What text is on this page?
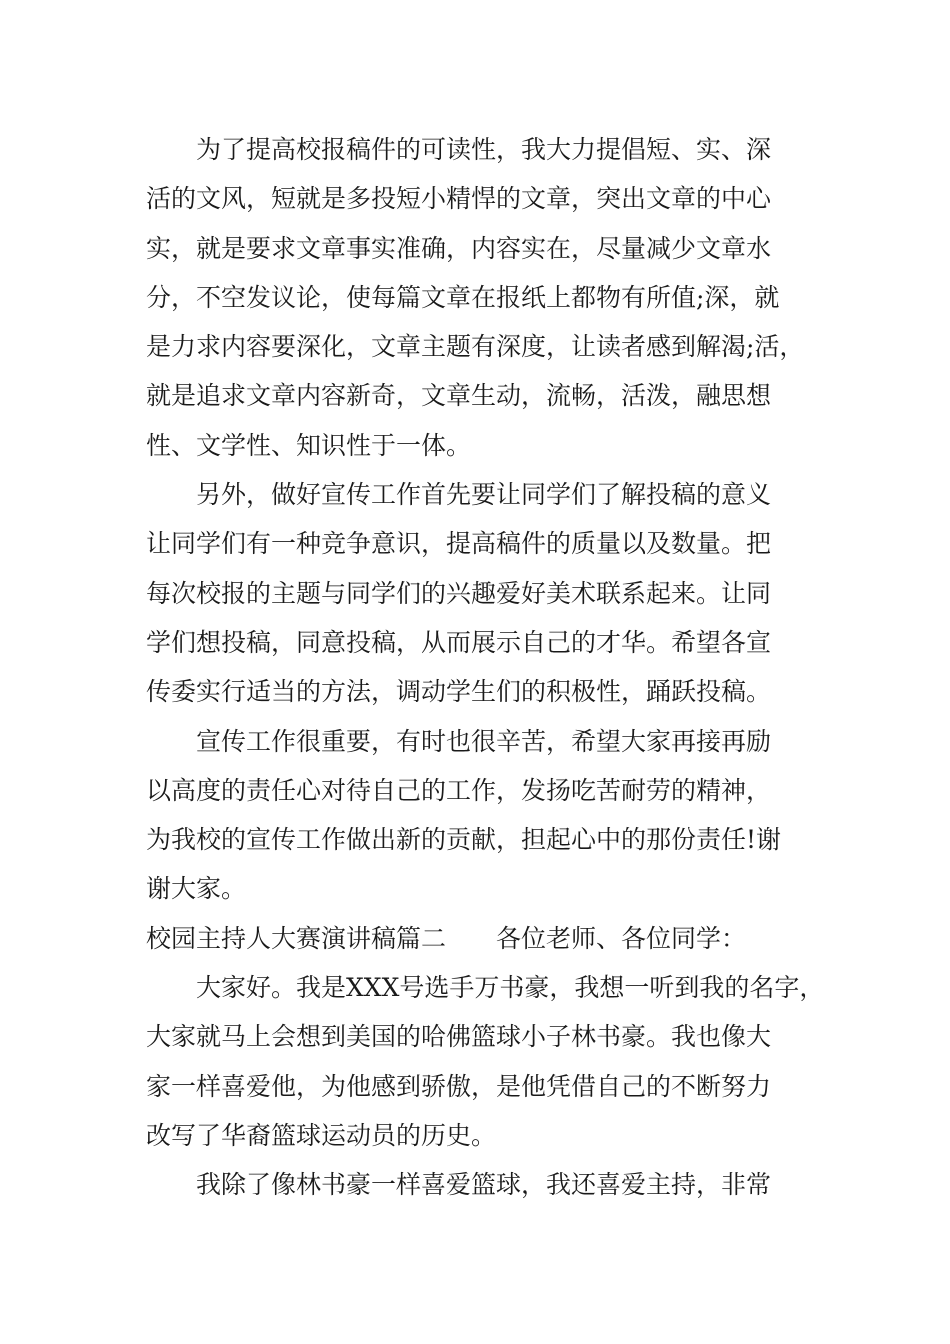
为了提高校报稿件的可读性，我大力提倡短、实、深
活的文风，短就是多投短小精悍的文章，突出文章的中心
实，就是要求文章事实准确，内容实在，尽量减少文章水
分，不空发议论，使每篇文章在报纸上都物有所值;深，就
是力求内容要深化，文章主题有深度，让读者感到解渴;活，
就是追求文章内容新奇，文章生动，流畅，活泼，融思想
性、文学性、知识性于一体。
另外，做好宣传工作首先要让同学们了解投稿的意义
让同学们有一种竞争意识，提高稿件的质量以及数量。把
每次校报的主题与同学们的兴趣爱好美术联系起来。让同
学们想投稿，同意投稿，从而展示自己的才华。希望各宣
传委实行适当的方法，调动学生们的积极性，踊跃投稿。
宣传工作很重要，有时也很辛苦，希望大家再接再励
以高度的责任心对待自己的工作，发扬吃苦耐劳的精神，
为我校的宣传工作做出新的贡献，担起心中的那份责任!谢
谢大家。
校园主持人大赛演讲稿篇二 各位老师、各位同学：
大家好。我是XXX号选手万书豪，我想一听到我的名字，
大家就马上会想到美国的哈佛篮球小子林书豪。我也像大
家一样喜爱他，为他感到骄傲，是他凭借自己的不断努力
改写了华裔篮球运动员的历史。
我除了像林书豪一样喜爱篮球，我还喜爱主持，非常
